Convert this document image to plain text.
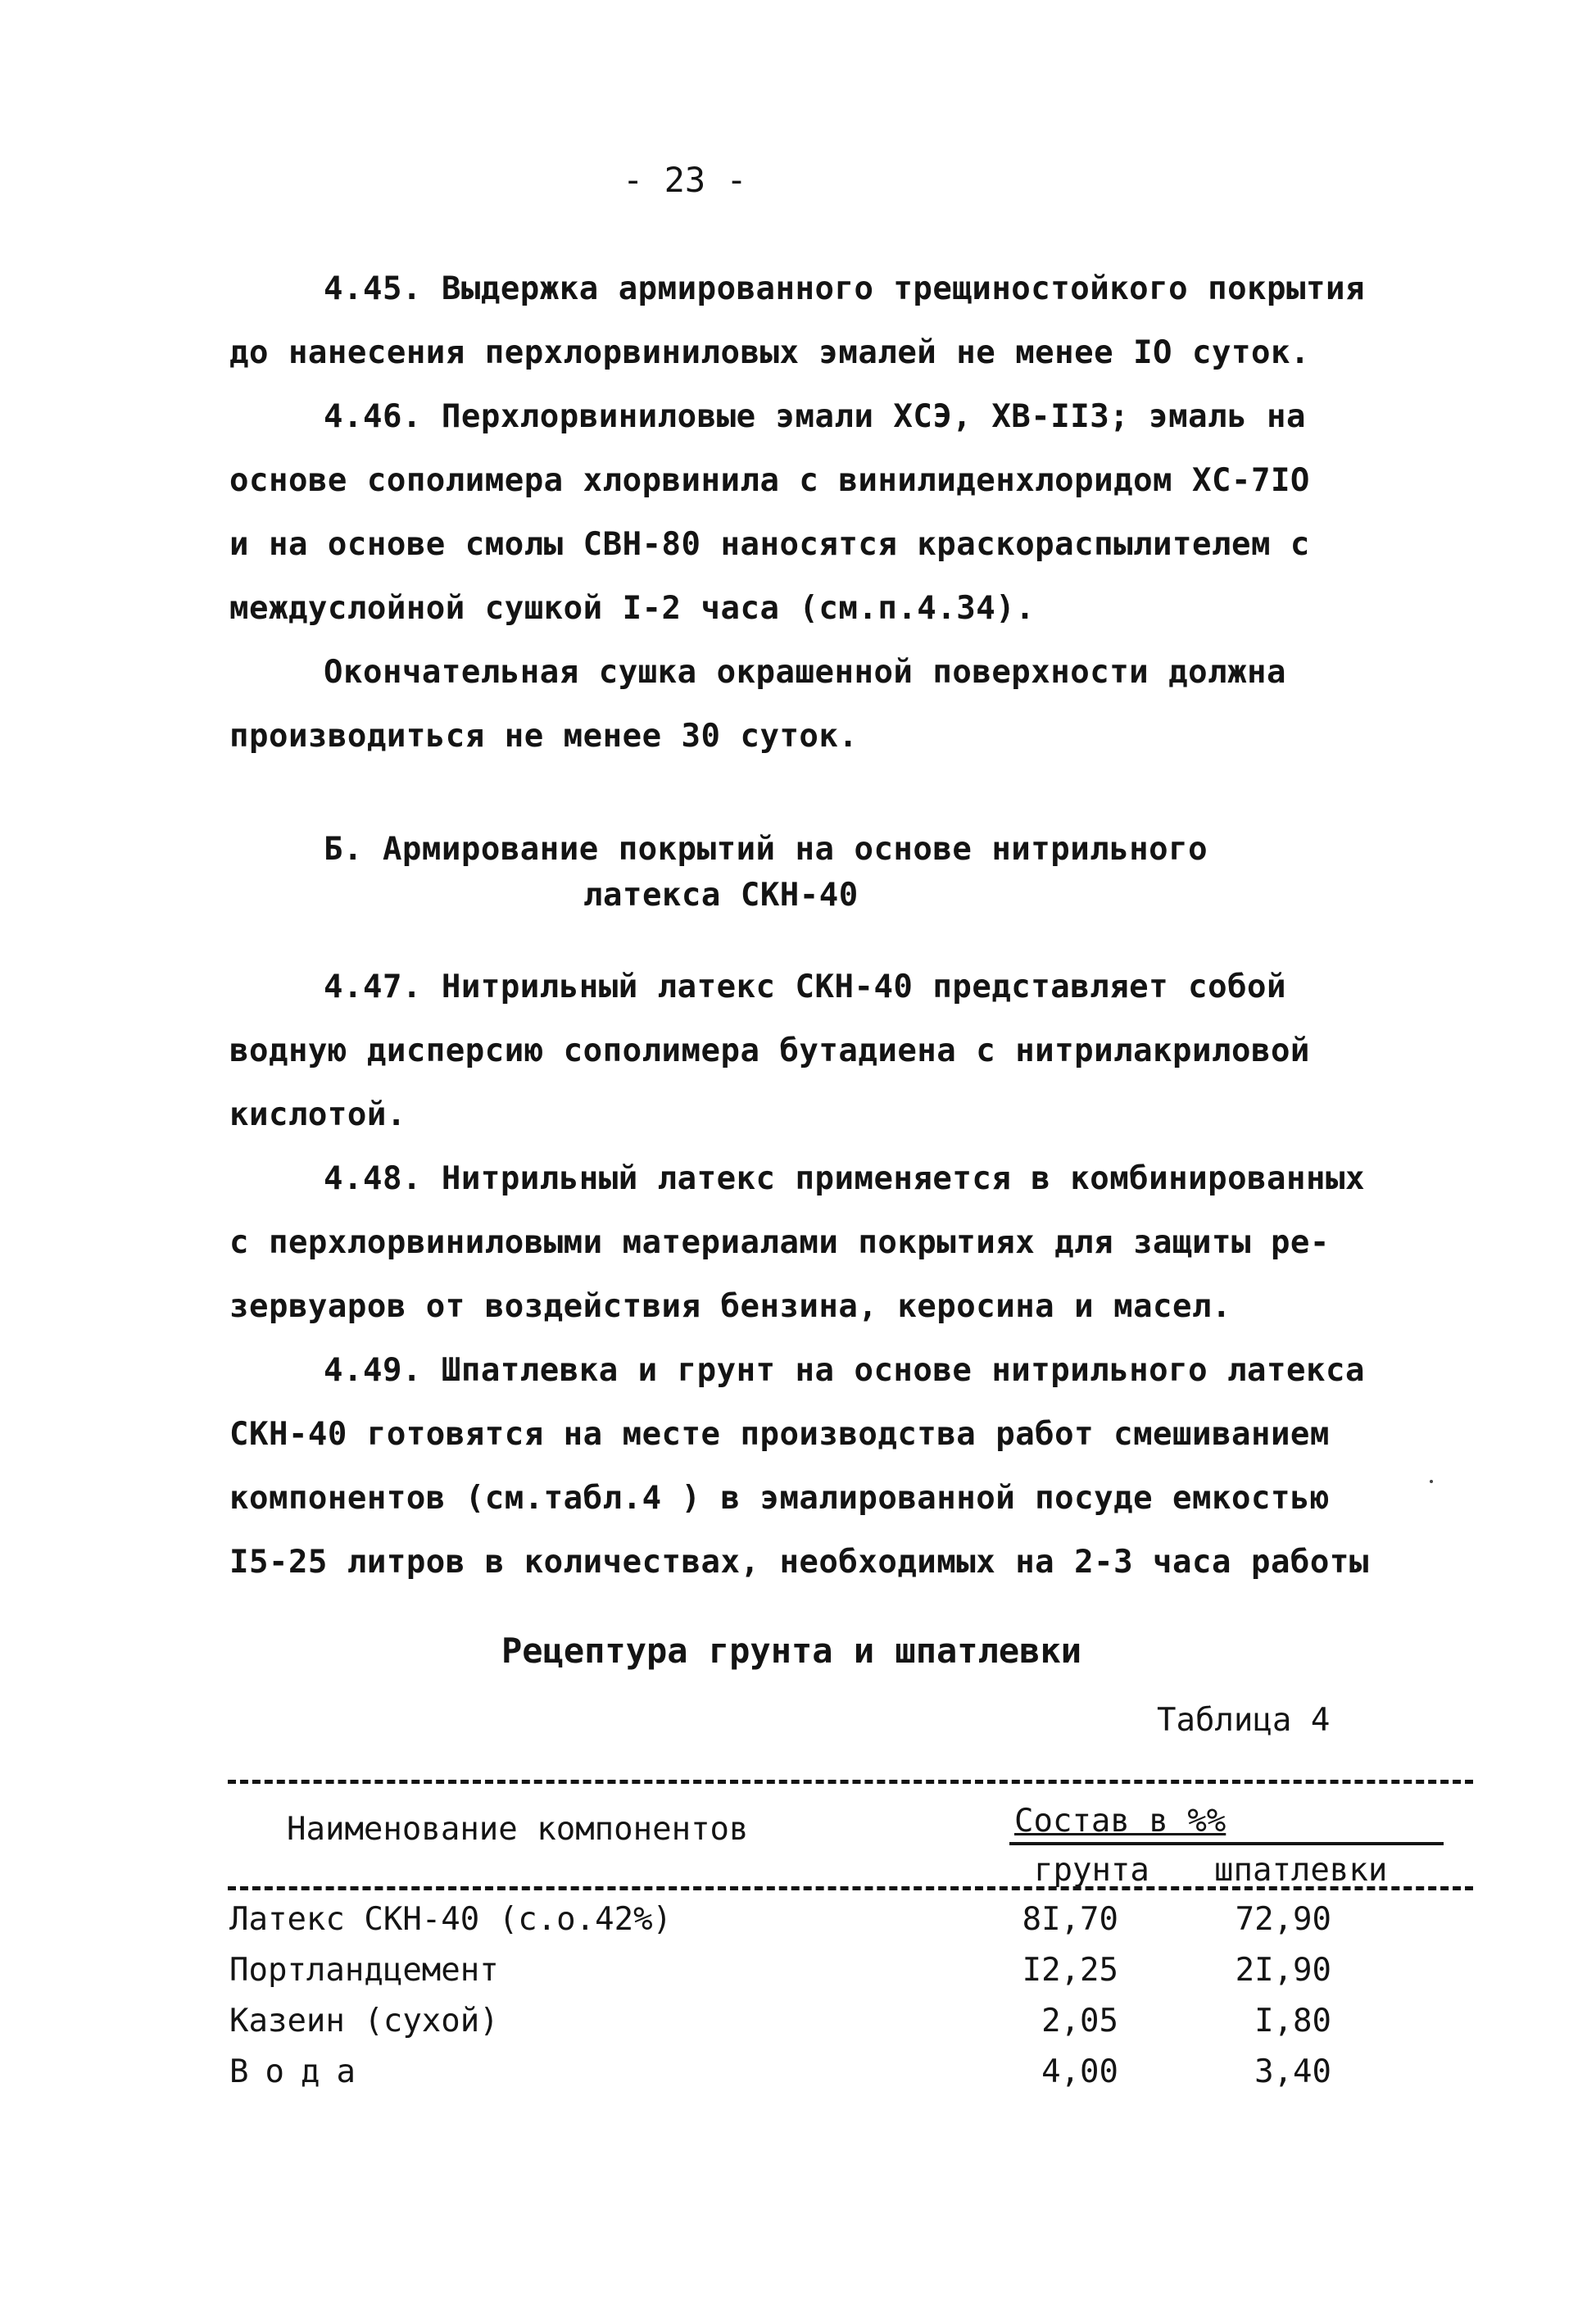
- 23 -
4.45. Выдержка армированного трещиностойкого покрытия
до нанесения перхлорвиниловых эмалей не менее IO суток.
4.46. Перхлорвиниловые эмали ХСЭ, ХВ-II3; эмаль на
основе сополимера хлорвинила с винилиденхлоридом ХС-7IO
и на основе смолы СВН-80 наносятся краскораспылителем с
междуслойной сушкой I-2 часа (см.п.4.34).
Окончательная сушка окрашенной поверхности должна
производиться не менее 30 суток.
Б. Армирование покрытий на основе нитрильного
латекса СКН-40
4.47. Нитрильный латекс СКН-40 представляет собой
водную дисперсию сополимера бутадиена с нитрилакриловой
кислотой.
4.48. Нитрильный латекс применяется в комбинированных
с перхлорвиниловыми материалами покрытиях для защиты ре-
зервуаров от воздействия бензина, керосина и масел.
4.49. Шпатлевка и грунт на основе нитрильного латекса
СКН-40 готовятся на месте производства работ смешиванием
компонентов (см.табл.4 ) в эмалированной посуде емкостью
I5-25 литров в количествах, необходимых на 2-3 часа работы
Рецептура грунта и шпатлевки
Таблица 4
Наименование компонентов	Состав в %%
грунта шпатлевки
Латекс СКН-40 (с.о.42%)	8I,70	72,90
Портландцемент	I2,25	2I,90
Казеин (сухой)	2,05	I,80
Вода	4,00	3,40
